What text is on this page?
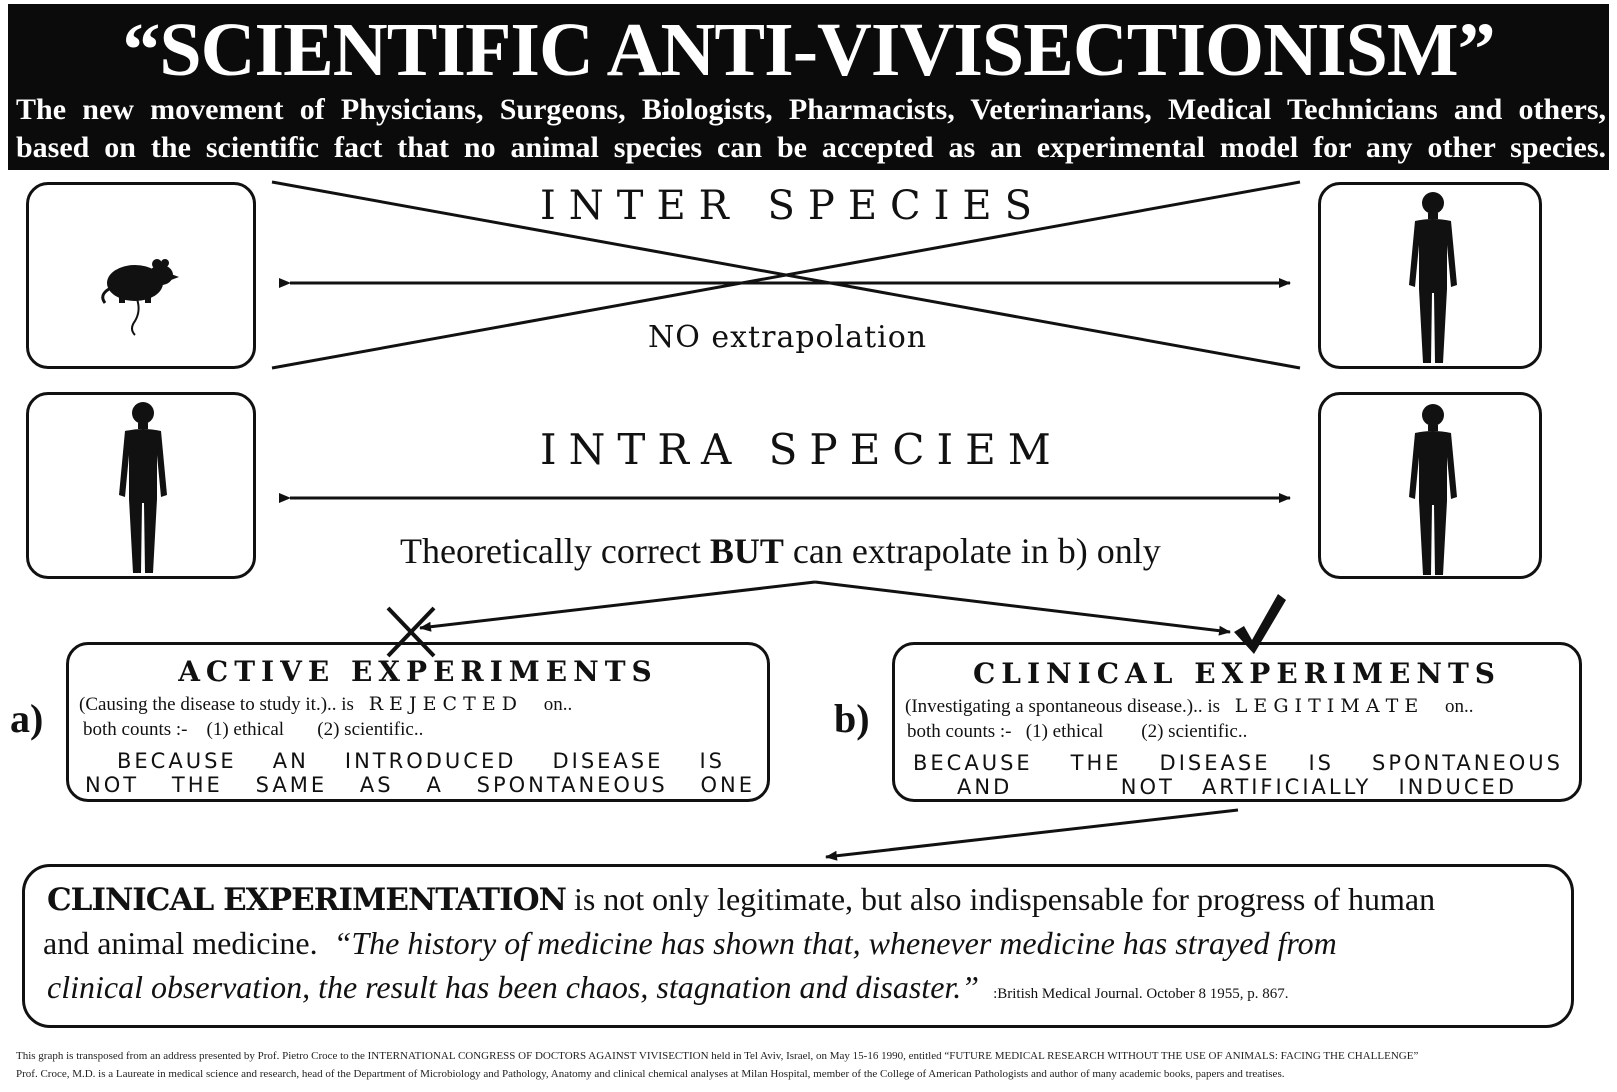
“SCIENTIFIC ANTI-VIVISECTIONISM”
The new movement of Physicians, Surgeons, Biologists, Pharmacists, Veterinarians, Medical Technicians and others,
based on the scientific fact that no animal species can be accepted as an experimental model for any other species.
INTER SPECIES
NO extrapolation
INTRA SPECIEM
Theoretically correct BUT can extrapolate in b) only
a)
ACTIVE EXPERIMENTS
(Causing the disease to study it.).. is R E J E C T E D on..
both counts :-    (1) ethical       (2) scientific..
BECAUSE AN INTRODUCED DISEASE IS
NOT THE SAME AS A SPONTANEOUS ONE
b)
CLINICAL EXPERIMENTS
(Investigating a spontaneous disease.).. is L E G I T I M A T E on..
both counts :-   (1) ethical        (2) scientific..
BECAUSE THE DISEASE IS SPONTANEOUS
AND    NOT ARTIFICIALLY INDUCED
CLINICAL EXPERIMENTATION is not only legitimate, but also indispensable for progress of human
and animal medicine.  “The history of medicine has shown that, whenever medicine has strayed from
clinical observation, the result has been chaos, stagnation and disaster.” :British Medical Journal. October 8 1955, p. 867.
This graph is transposed from an address presented by Prof. Pietro Croce to the INTERNATIONAL CONGRESS OF DOCTORS AGAINST VIVISECTION held in Tel Aviv, Israel, on May 15-16 1990, entitled “FUTURE MEDICAL RESEARCH WITHOUT THE USE OF ANIMALS: FACING THE CHALLENGE”
Prof. Croce, M.D. is a Laureate in medical science and research, head of the Department of Microbiology and Pathology, Anatomy and clinical chemical analyses at Milan Hospital, member of the College of American Pathologists and author of many academic books, papers and treatises.
